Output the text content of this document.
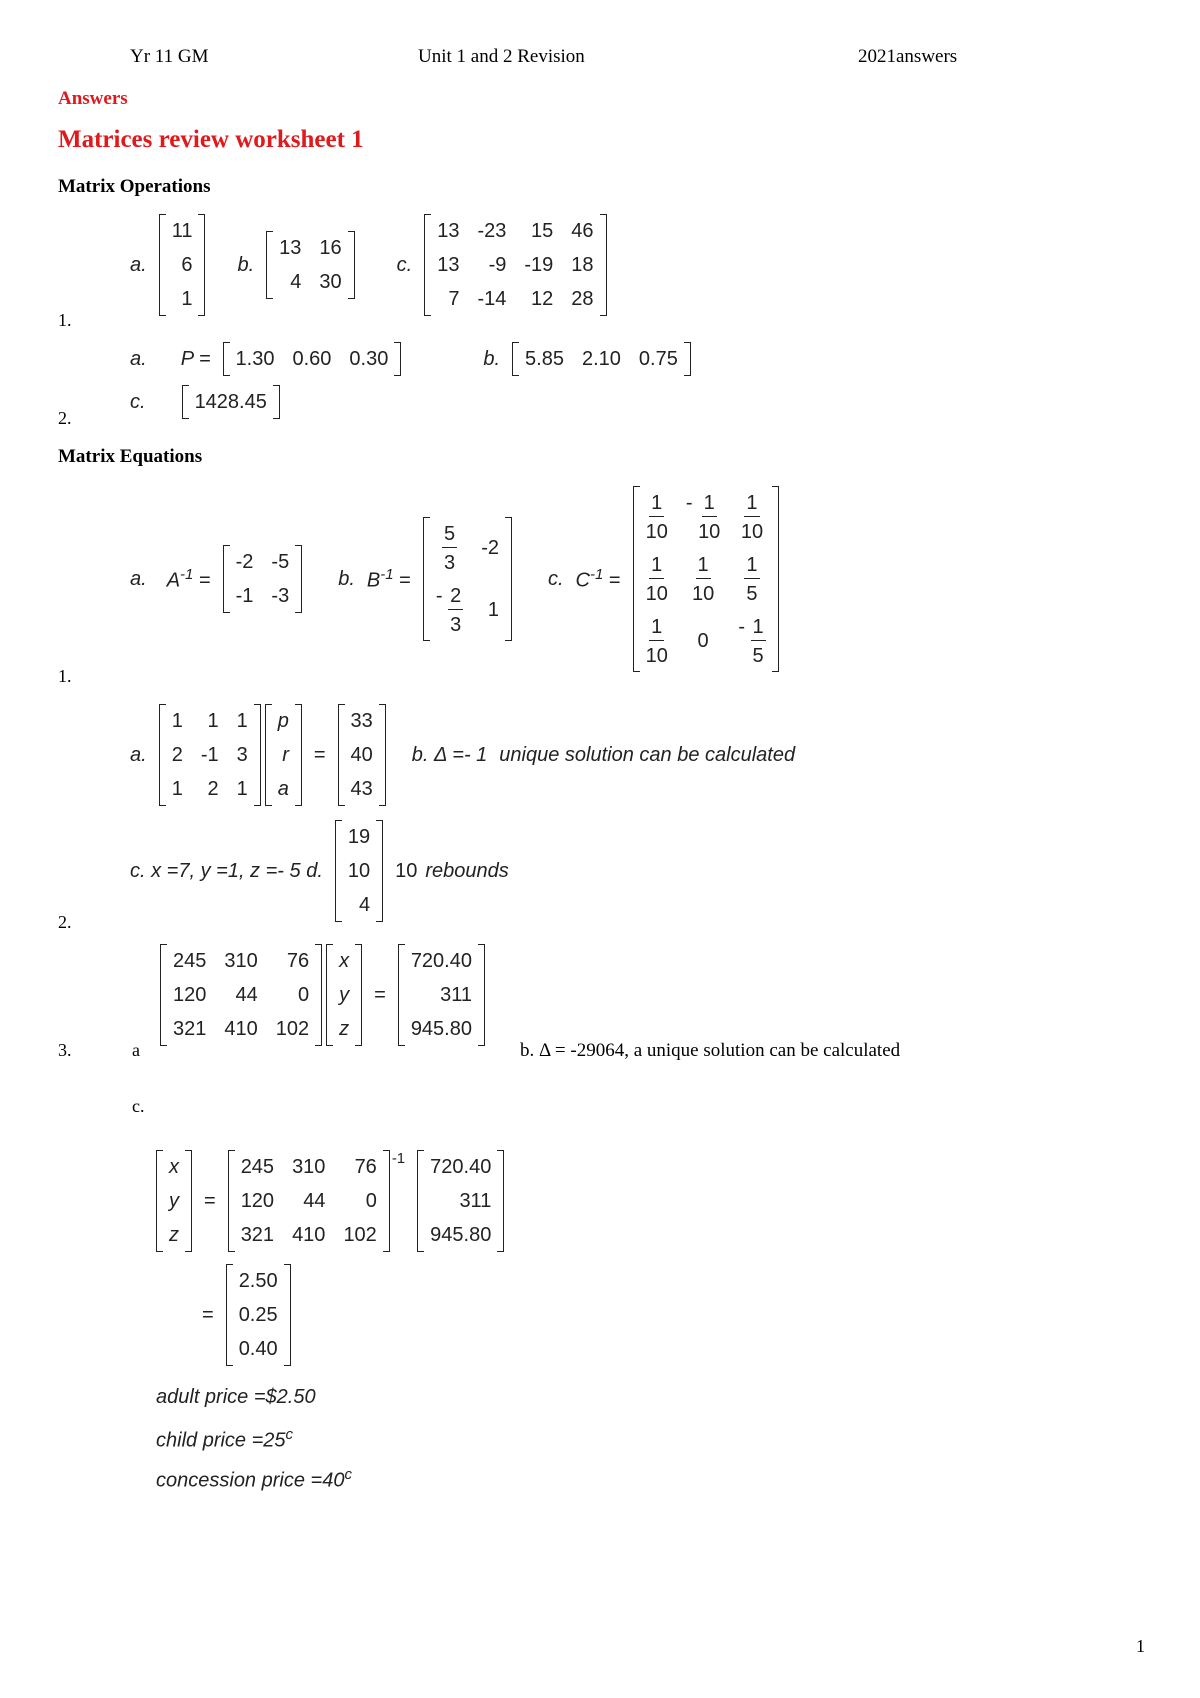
Yr 11 GM	Unit 1 and 2 Revision	2021answers
Answers
Matrices review worksheet 1
Matrix Operations
1.
a.
11
6
1
b.
13	16
4	30
c.
13	-23	15	46
13	-9	-19	18
7	-14	12	28
2.
a. P = 1.30	0.60	0.30	b. 5.85	2.10	0.75
c. 1428.45
Matrix Equations
1.
a. $A^{-1}$ =
-2	-5
-1	-3
b. $B^{-1}$ =
$\frac{5}{3}$	-2
- $\frac{2}{3}$	1
c. $C^{-1}$ =
$\frac{1}{10}$	- $\frac{1}{10}$	$\frac{1}{10}$

$\frac{1}{10}$	$\frac{1}{10}$	$\frac{1}{5}$

$\frac{1}{10}$	0	- $\frac{1}{5}$
a.
1	1	1
2	-1	3
1	2	1
p
r
a
=
33
40
43
b. Δ =- 1 unique solution can be calculated
c. x =7, y =1, z =- 5 d.
19
10
4
10 rebounds
2.
3.	a
245	310	76
120	44	0
321	410	102
x
y
z
=
720.40
311
945.80
b. Δ = -29064, a unique solution can be calculated
c.
x
y
z
=
245	310	76
120	44	0
321	410	102
-1 720.40
311
945.80
=
2.50
0.25
0.40
adult price =$2.50
child price $=25^c$
concession price $=40^c$
1
